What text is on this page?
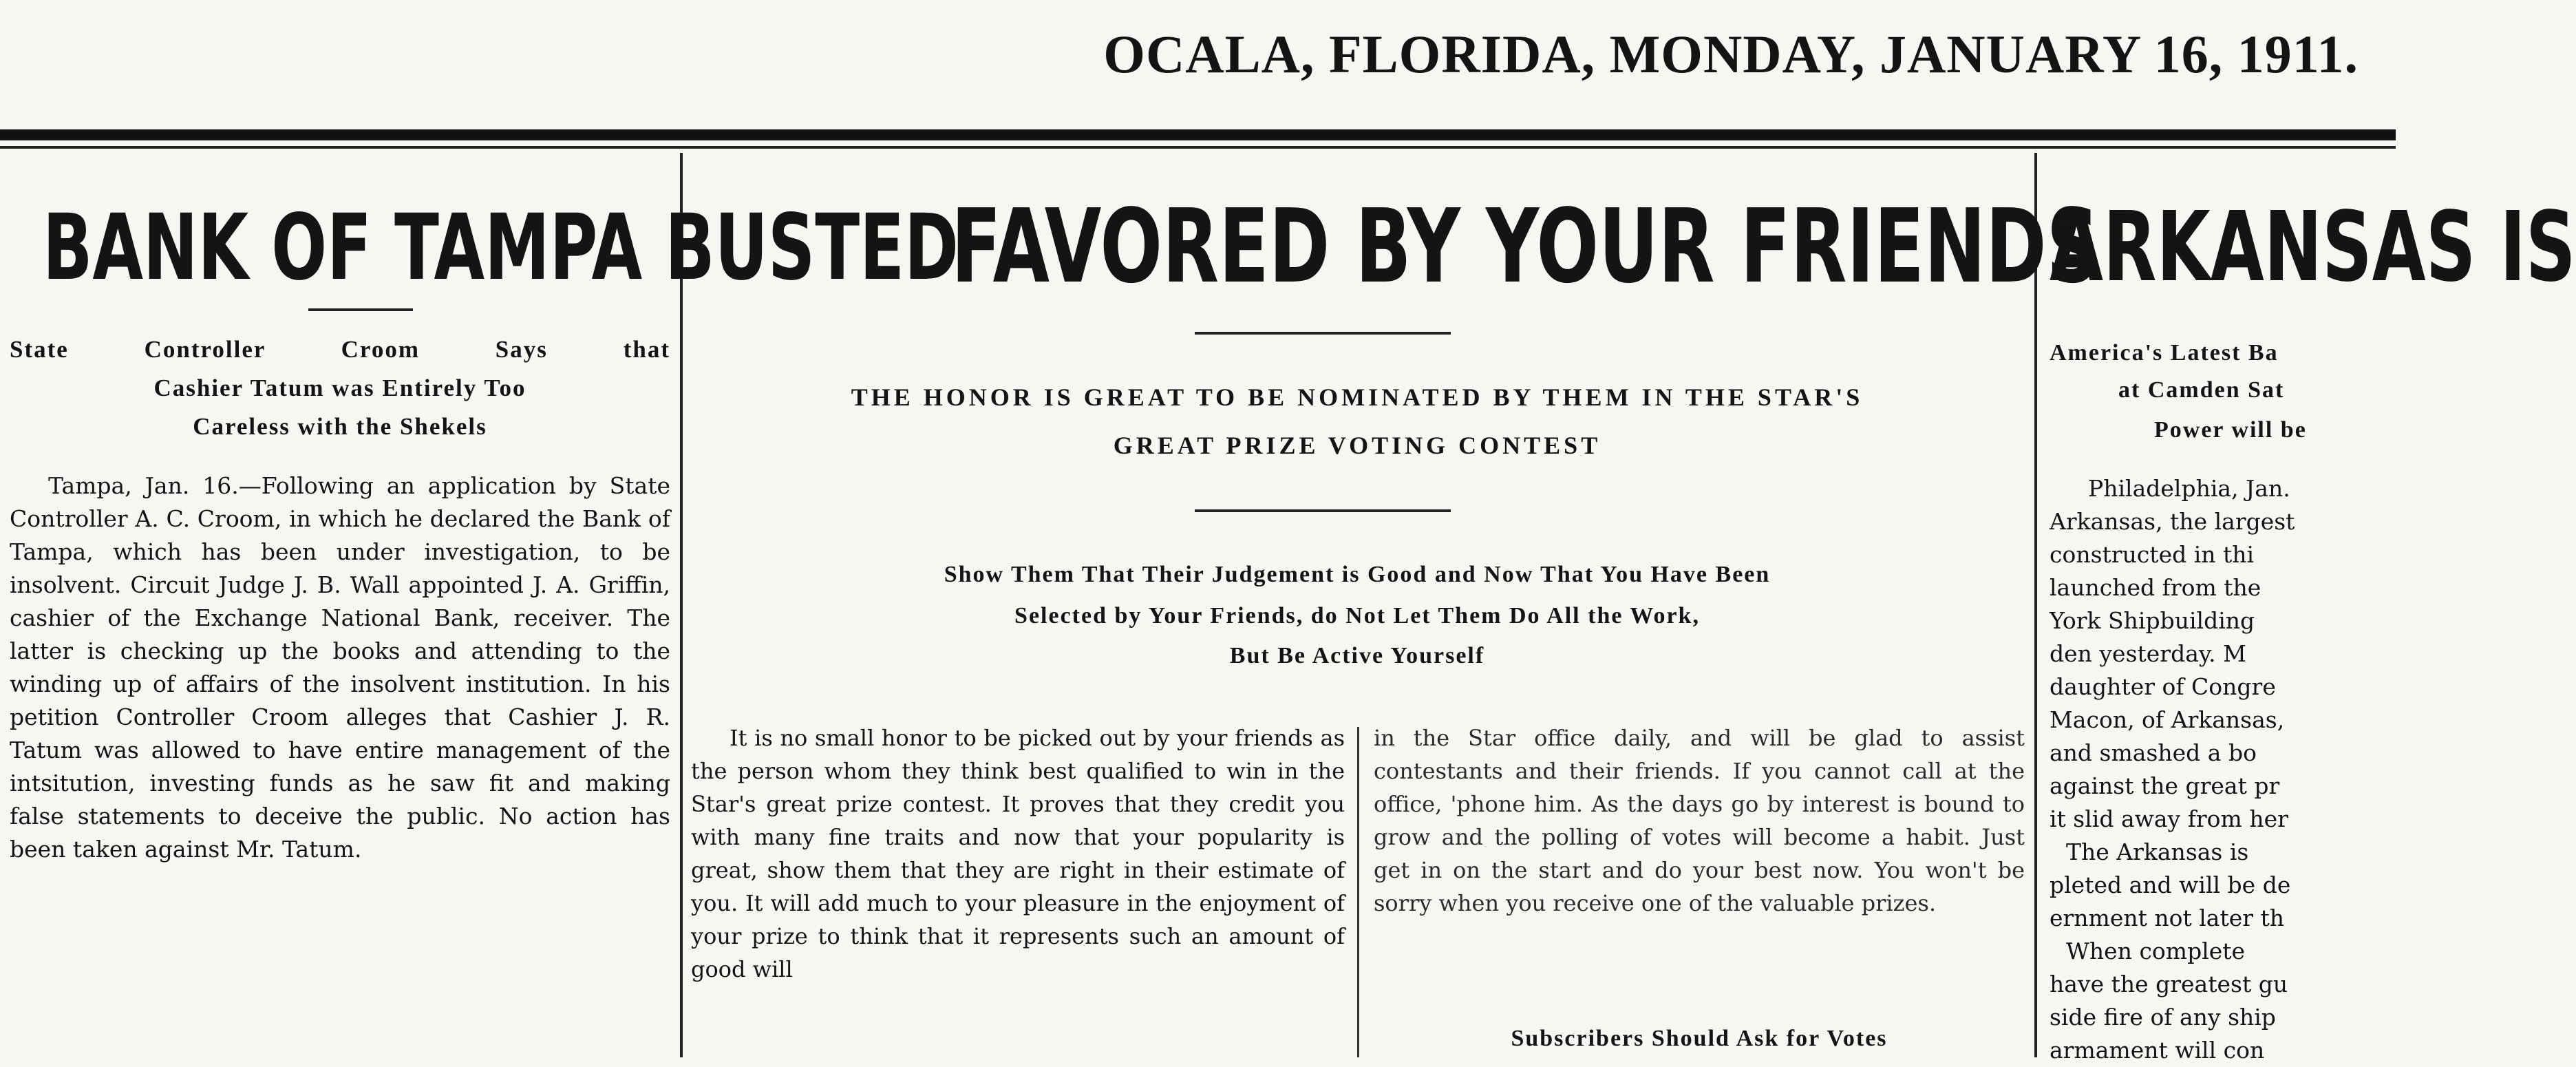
OCALA, FLORIDA, MONDAY, JANUARY 16, 1911.
BANK OF TAMPA BUSTED
State Controller Croom Says that
Cashier Tatum was Entirely Too
Careless with the Shekels

Tampa, Jan. 16.—Following an application by State Controller A. C. Croom, in which he declared the Bank of Tampa, which has been under investigation, to be insolvent. Circuit Judge J. B. Wall appointed J. A. Griffin, cashier of the Exchange National Bank, receiver. The latter is checking up the books and attending to the winding up of affairs of the insolvent institution. In his petition Controller Croom alleges that Cashier J. R. Tatum was allowed to have entire management of the intsitution, investing funds as he saw fit and making false statements to deceive the public. No action has been taken against Mr. Tatum.

FAVORED BY YOUR FRIENDS
THE HONOR IS GREAT TO BE NOMINATED BY THEM IN THE STAR'S
GREAT PRIZE VOTING CONTEST
Show Them That Their Judgement is Good and Now That You Have Been
Selected by Your Friends, do Not Let Them Do All the Work,
But Be Active Yourself

It is no small honor to be picked out by your friends as the person whom they think best qualified to win in the Star's great prize contest. It proves that they credit you with many fine traits and now that your popularity is great, show them that they are right in their estimate of you. It will add much to your pleasure in the enjoyment of your prize to think that it represents such an amount of good will

in the Star office daily, and will be glad to assist contestants and their friends. If you cannot call at the office, 'phone him. As the days go by interest is bound to grow and the polling of votes will become a habit. Just get in on the start and do your best now. You won't be sorry when you receive one of the valuable prizes.

Subscribers Should Ask for Votes
ARKANSAS IS
America's Latest Ba
at Camden Sat
Power will be
Philadelphia, Jan.
Arkansas, the largest
constructed in thi
launched from the
York Shipbuilding
den yesterday. M
daughter of Congre
Macon, of Arkansas,
and smashed a bo
against the great pr
it slid away from her
The Arkansas is
pleted and will be de
ernment not later th
When complete
have the greatest gu
side fire of any ship
armament will con
